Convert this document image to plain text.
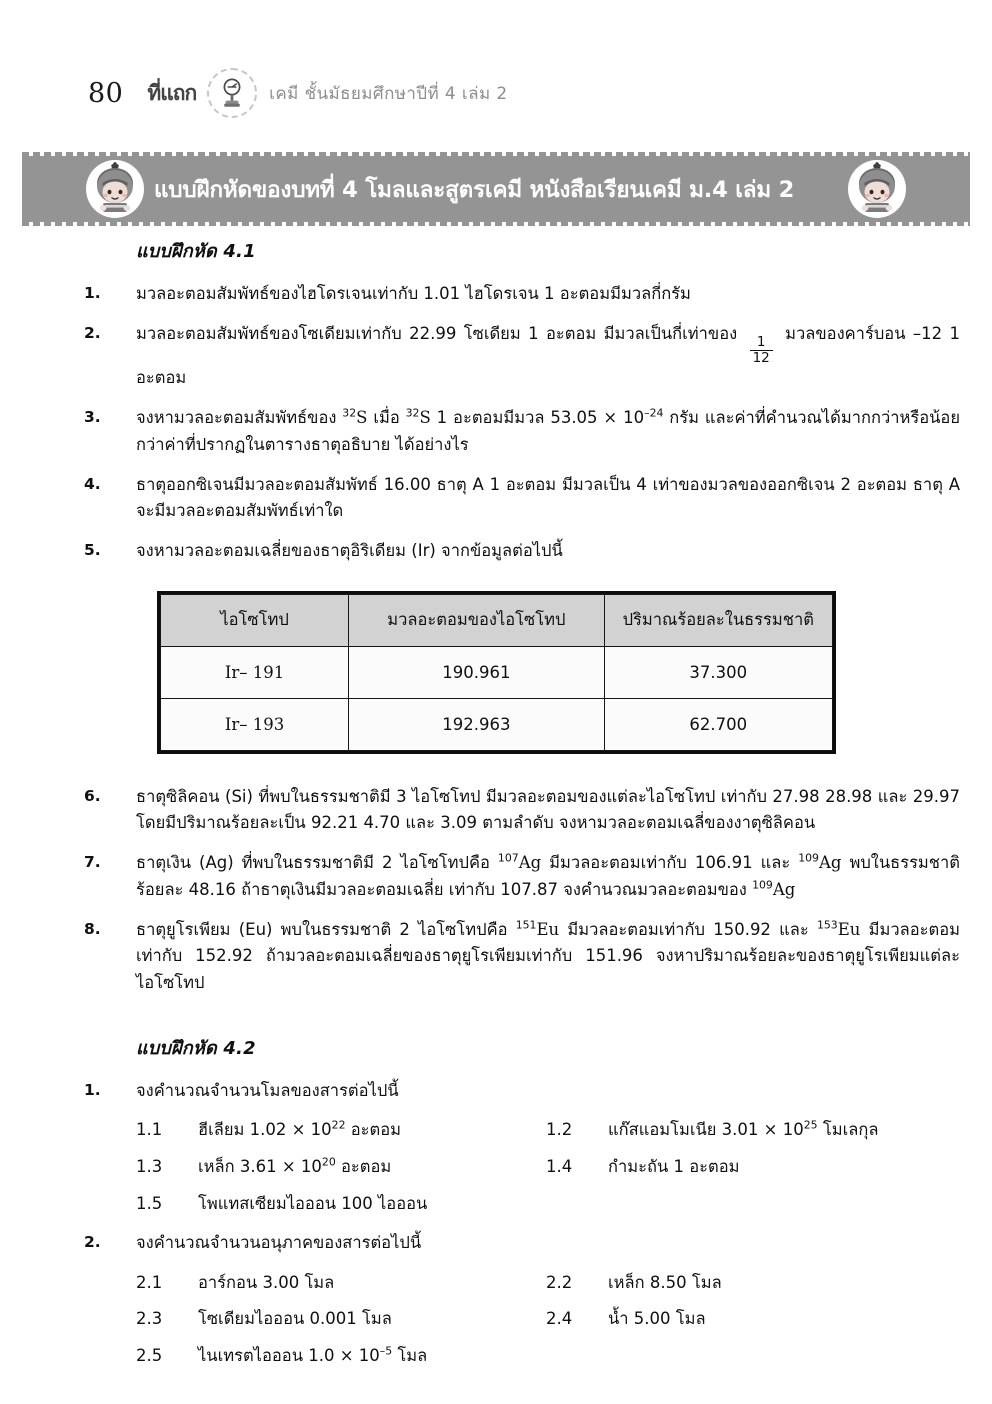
80 ที่แถก	เคมี ชั้นมัธยมศึกษาปีที่ 4 เล่ม 2
แบบฝึกหัดของบทที่ 4 โมลและสูตรเคมี หนังสือเรียนเคมี ม.4 เล่ม 2
แบบฝึกหัด 4.1
1.	มวลอะตอมสัมพัทธ์ของไฮโดรเจนเท่ากับ 1.01 ไฮโดรเจน 1 อะตอมมีมวลกี่กรัม
2.	มวลอะตอมสัมพัทธ์ของโซเดียมเท่ากับ 22.99 โซเดียม 1 อะตอม มีมวลเป็นกี่เท่าของ
$\frac{1}{12}$
มวลของคาร์บอน –12 1 อะตอม
3.	จงหามวลอะตอมสัมพัทธ์ของ $^{32}$S เมื่อ $^{32}$S 1 อะตอมมีมวล $53.05 \times 10^{-24}$ กรัม และค่าที่คำนวณได้มากกว่าหรือน้อยกว่าค่าที่ปรากฏในตารางธาตุอธิบาย ได้อย่างไร
4.	ธาตุออกซิเจนมีมวลอะตอมสัมพัทธ์ 16.00 ธาตุ A 1 อะตอม มีมวลเป็น 4 เท่าของมวลของออกซิเจน 2 อะตอม ธาตุ A จะมีมวลอะตอมสัมพัทธ์เท่าใด
5.	จงหามวลอะตอมเฉลี่ยของธาตุอิริเดียม (Ir) จากข้อมูลต่อไปนี้
ไอโซโทป	มวลอะตอมของไอโซโทป	ปริมาณร้อยละในธรรมชาติ
Ir– 191	190.961	37.300
Ir– 193	192.963	62.700
6.	ธาตุซิลิคอน (Si) ที่พบในธรรมชาติมี 3 ไอโซโทป มีมวลอะตอมของแต่ละไอโซโทป เท่ากับ 27.98 28.98 และ 29.97 โดยมีปริมาณร้อยละเป็น 92.21 4.70 และ 3.09 ตามลำดับ จงหามวลอะตอมเฉลี่ของงาตุซิลิคอน
7.	ธาตุเงิน (Ag) ที่พบในธรรมชาติมี 2 ไอโซโทปคือ $^{107}$Ag มีมวลอะตอมเท่ากับ 106.91 และ $^{109}$Ag พบในธรรมชาติร้อยละ 48.16 ถ้าธาตุเงินมีมวลอะตอมเฉลี่ย เท่ากับ 107.87 จงคำนวณมวลอะตอมของ $^{109}$Ag
8.	ธาตุยูโรเพียม (Eu) พบในธรรมชาติ 2 ไอโซโทปคือ $^{151}$Eu มีมวลอะตอมเท่ากับ 150.92 และ $^{153}$Eu มีมวลอะตอมเท่ากับ 152.92 ถ้ามวลอะตอมเฉลี่ยของธาตุยูโรเพียมเท่ากับ 151.96 จงหาปริมาณร้อยละของธาตุยูโรเพียมแต่ละไอโซโทป
แบบฝึกหัด 4.2
1.	จงคำนวณจำนวนโมลของสารต่อไปนี้
1.1	ฮีเลียม $1.02 \times 10^{22}$ อะตอม	1.2	แก๊สแอมโมเนีย $3.01 \times 10^{25}$ โมเลกุล
1.3	เหล็ก $3.61 \times 10^{20}$ อะตอม	1.4	กำมะถัน 1 อะตอม
1.5	โพแทสเซียมไอออน 100 ไอออน
2.	จงคำนวณจำนวนอนุภาคของสารต่อไปนี้
2.1	อาร์กอน 3.00 โมล	2.2	เหล็ก 8.50 โมล
2.3	โซเดียมไอออน 0.001 โมล	2.4	น้ำ 5.00 โมล
2.5	ไนเทรตไอออน $1.0 \times 10^{-5}$ โมล
